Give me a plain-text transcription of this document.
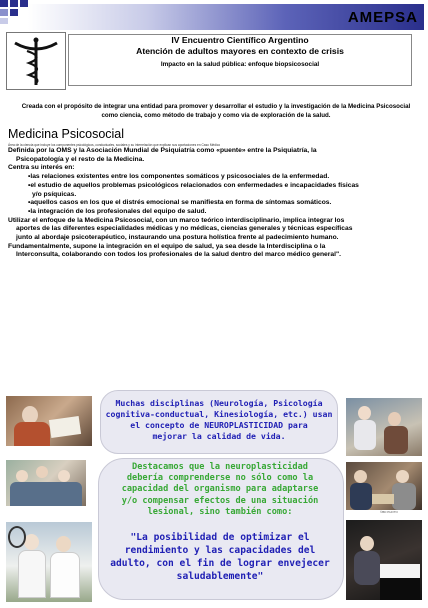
AMEPSA
IV Encuentro Científico Argentino
Atención de adultos mayores en contexto de crisis
Impacto en la salud pública: enfoque biopsicosocial
Creada con el propósito de integrar una entidad para promover y desarrollar el estudio y la investigación de la Medicina Psicosocial como ciencia, como método de trabajo y como vía de exploración de la salud.
Medicina Psicosocial
Área de la ciencia que incluye los componentes psicológicos, conductuales, sociales y su interrelación que explican sus aportaciones en Caso Médico

Definida por la OMS y la Asociación Mundial de Psiquiatría como «puente» entre la Psiquiatría, la

Psicopatología y el resto de la Medicina.

Centra su interés en:

•las relaciones existentes entre los componentes somáticos y psicosociales de la enfermedad.

•el estudio de aquellos problemas psicológicos relacionados con enfermedades e incapacidades físicas

y/o psíquicas.

•aquellos casos en los que el distrés emocional se manifiesta en forma de síntomas somáticos.

•la integración de los profesionales del equipo de salud.

Utilizar el enfoque de la Medicina Psicosocial, con un marco teórico interdisciplinario, implica integrar los

aportes de las diferentes especialidades médicas y no médicas, ciencias generales y técnicas específicas

junto al abordaje psicoterapéutico, instaurando una postura holística frente al padecimiento humano.

Fundamentalmente, supone la integración en el equipo de salud, ya sea desde la Interdisciplina o la

Interconsulta, colaborando con todos los profesionales de la salud dentro del marco médico general".

©BD PHOTO
Muchas disciplinas (Neurología, Psicología
cognitiva-conductual, Kinesiología, etc.) usan
el concepto de NEUROPLASTICIDAD para
mejorar la calidad de vida.
Destacamos que la neuroplasticidad
debería comprenderse no sólo como la
capacidad del organismo para adaptarse
y/o compensar efectos de una situación
lesional, sino también como:
"La posibilidad de optimizar el
rendimiento y las capacidades del
adulto, con el fin de lograr envejecer
saludablemente"
